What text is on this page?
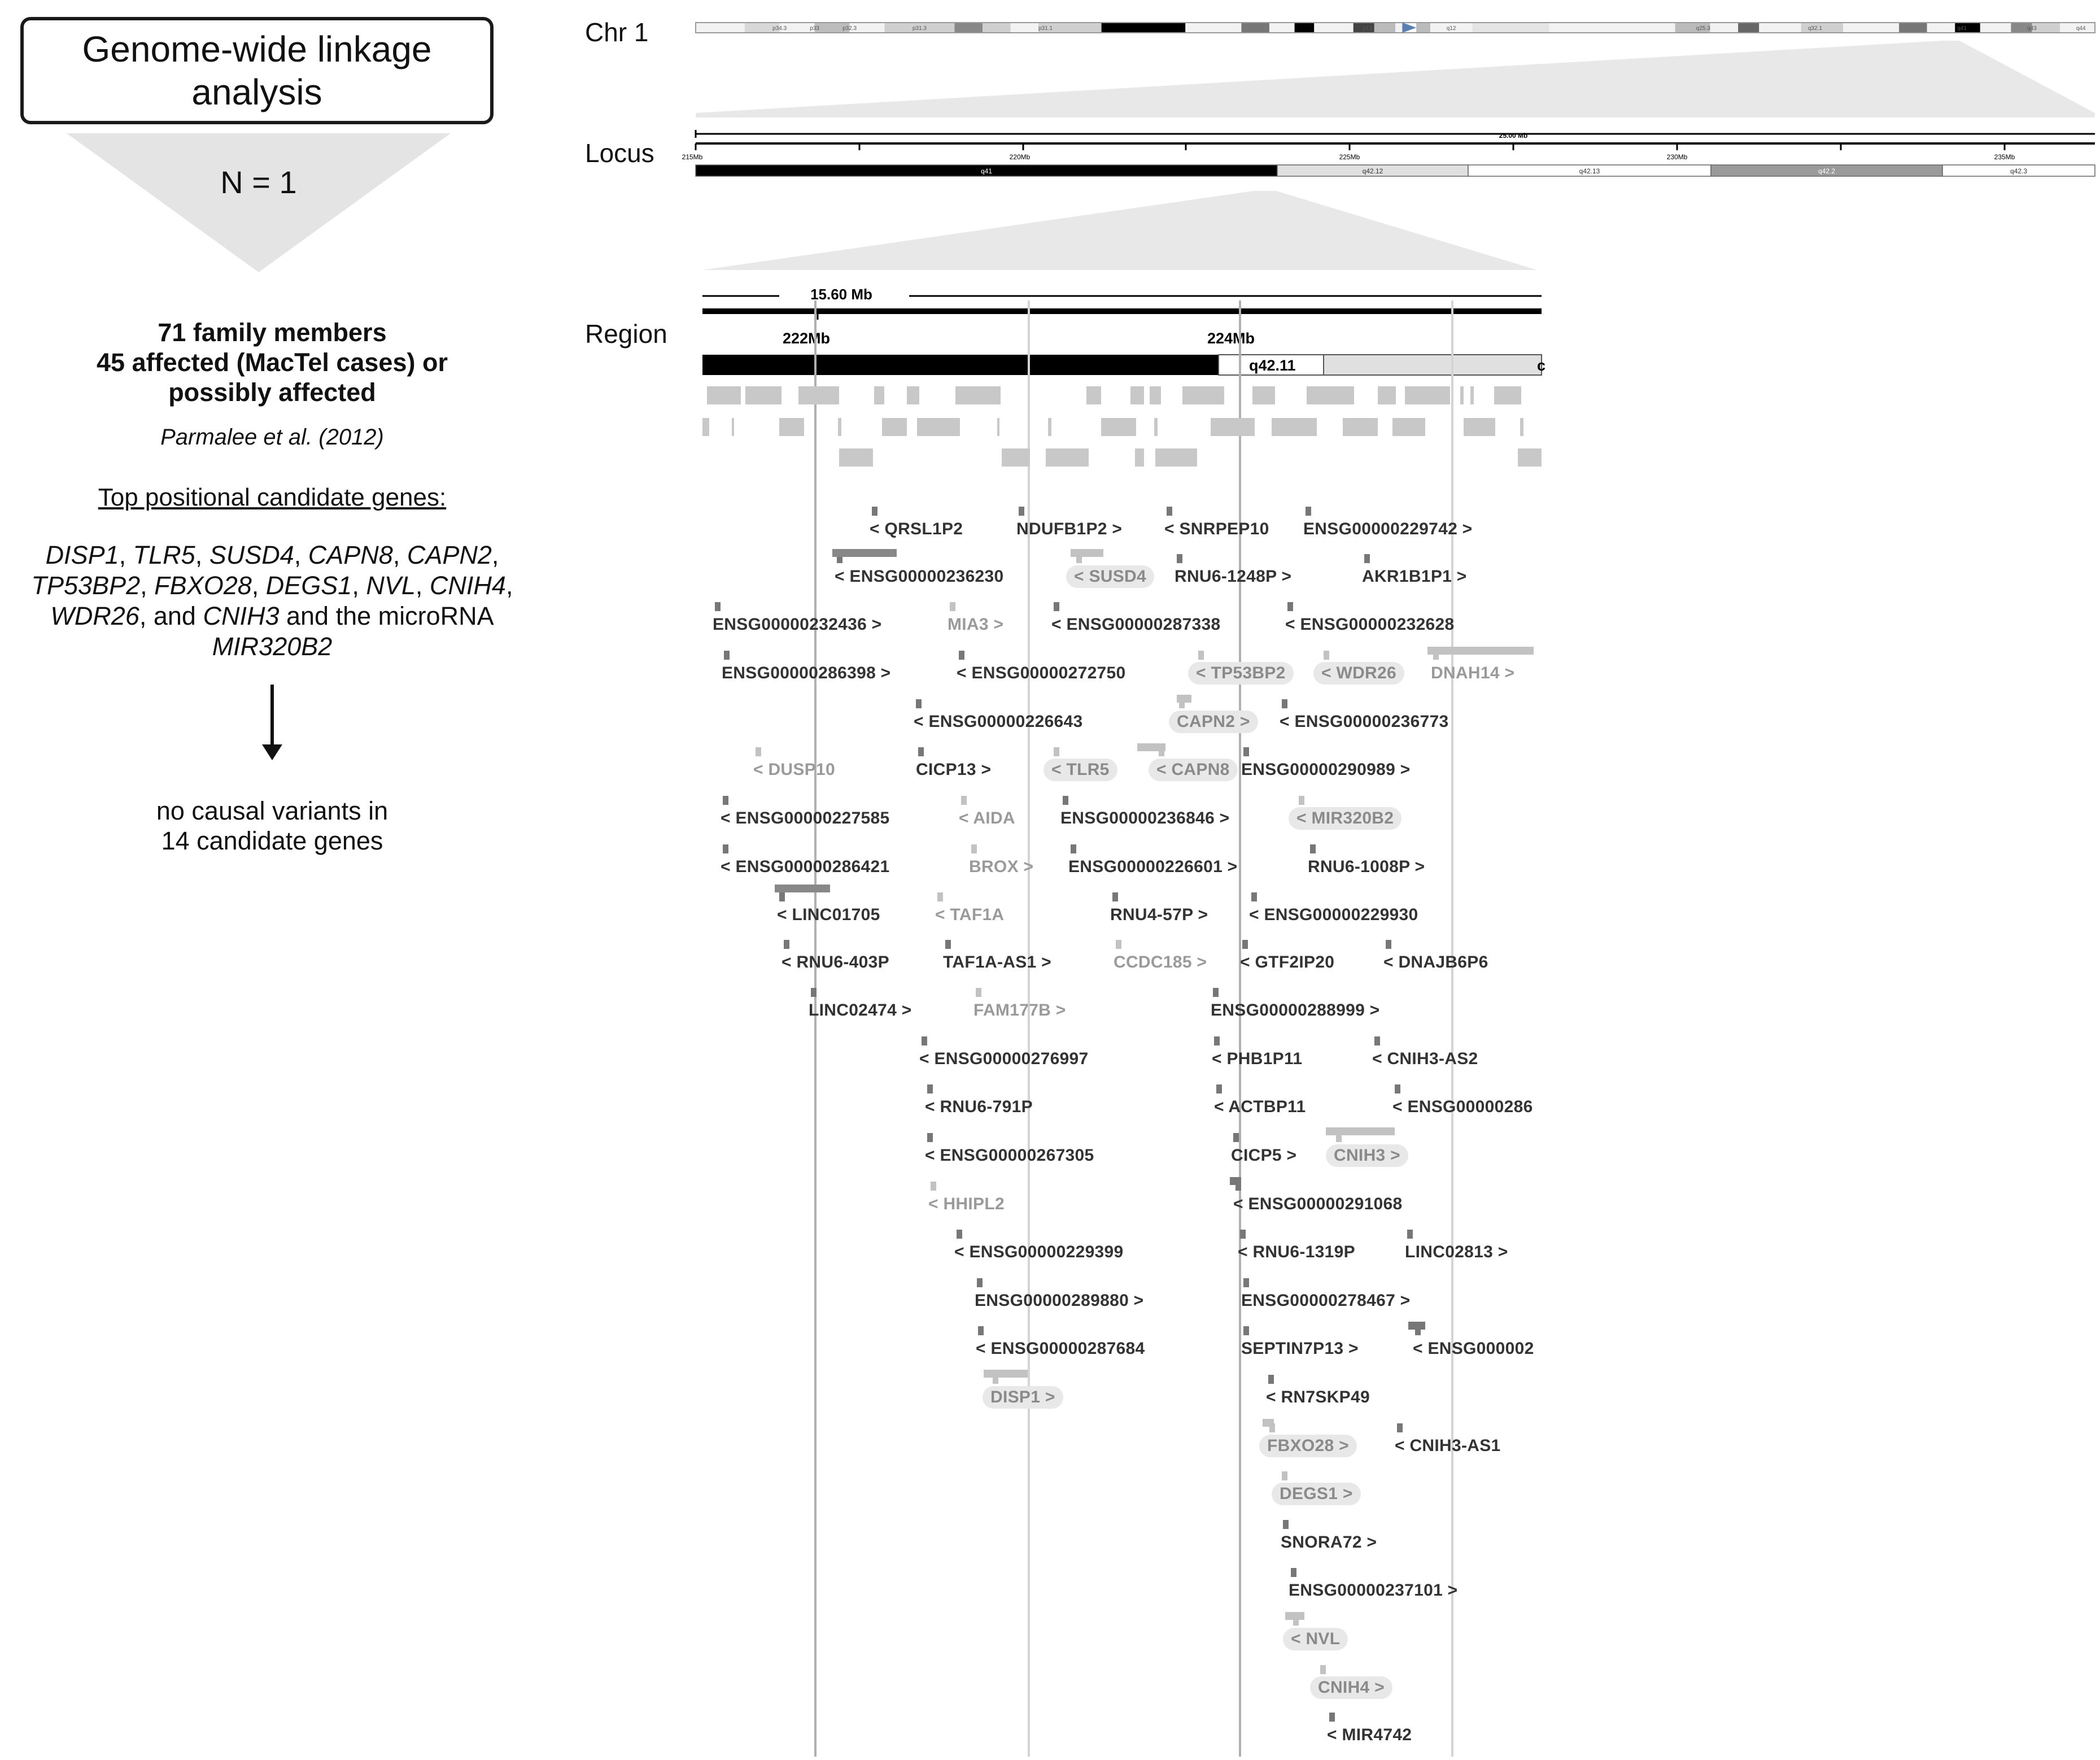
Genome-wide linkage
analysis
N = 1
71 family members
45 affected (MacTel cases) or
possibly affected
Parmalee et al. (2012)
Top positional candidate genes:
DISP1, TLR5, SUSD4, CAPN8, CAPN2,
TP53BP2, FBXO28, DEGS1, NVL, CNIH4,
WDR26, and CNIH3 and the microRNA
MIR320B2
no causal variants in
14 candidate genes
Chr 1
Locus
Region
p34.3	p33	p32.3	p31.3	p31.1	p13	q12	q25.3	q32.1	q41	q43	q44
25.00 Mb
215Mb	220Mb	225Mb	230Mb	235Mb
q41	q42.12	q42.13	q42.2	q42.3
15.60 Mb
222Mb	224Mb
q42.11	c
< QRSL1P2	NDUFB1P2 > < SNRPEP10 ENSG00000229742 >
< ENSG00000236230	< SUSD4	RNU6-1248P >	AKR1B1P1 >
ENSG00000232436 >	MIA3 >	< ENSG00000287338	< ENSG00000232628
ENSG00000286398 >	< ENSG00000272750	< TP53BP2	< WDR26	DNAH14 >
< ENSG00000226643	CAPN2 >	< ENSG00000236773
< DUSP10	CICP13 >	< TLR5	< CAPN8 ENSG00000290989 >
< ENSG00000227585	< AIDA	ENSG00000236846 >	< MIR320B2
< ENSG00000286421	BROX > ENSG00000226601 >	RNU6-1008P >
< LINC01705	< TAF1A	RNU4-57P > < ENSG00000229930
< RNU6-403P	TAF1A-AS1 >	CCDC185 > < GTF2IP20	< DNAJB6P6
LINC02474 >	FAM177B >	ENSG00000288999 >
< ENSG00000276997	< PHB1P11	< CNIH3-AS2
< RNU6-791P	< ACTBP11	< ENSG00000286
< ENSG00000267305	CICP5 >	CNIH3 >
< HHIPL2	< ENSG00000291068
< ENSG00000229399	< RNU6-1319P	LINC02813 >
ENSG00000289880 >	ENSG00000278467 >
< ENSG00000287684	SEPTIN7P13 >	< ENSG000002
DISP1 >	< RN7SKP49
FBXO28 >	< CNIH3-AS1
DEGS1 >
SNORA72 >
ENSG00000237101 >
< NVL
CNIH4 >
< MIR4742
